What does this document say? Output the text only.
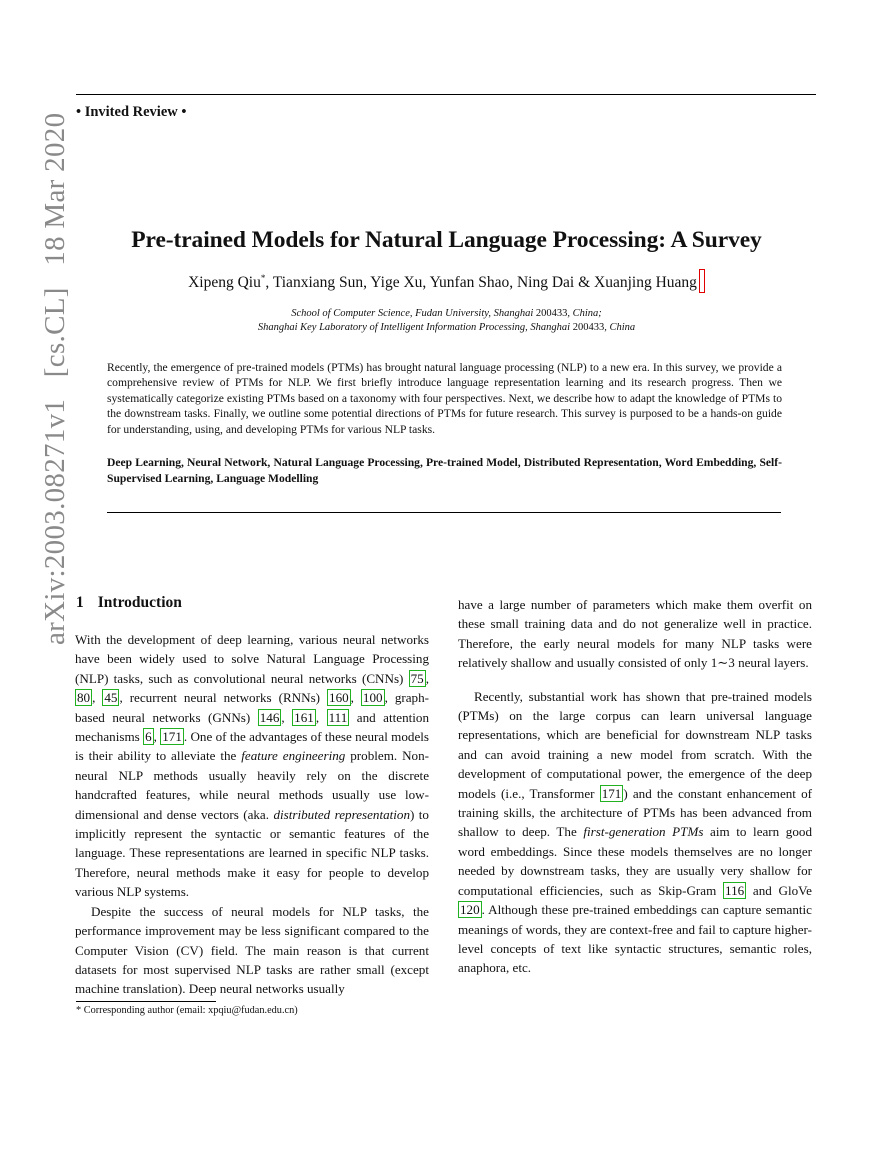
• Invited Review •
arXiv:2003.08271v1 [cs.CL] 18 Mar 2020	Pre-trained Models for Natural Language Processing: A Survey
Xipeng Qiu*, Tianxiang Sun, Yige Xu, Yunfan Shao, Ning Dai & Xuanjing Huang
School of Computer Science, Fudan University, Shanghai 200433, China;
Shanghai Key Laboratory of Intelligent Information Processing, Shanghai 200433, China
Recently, the emergence of pre-trained models (PTMs) has brought natural language processing (NLP) to a new era. In this survey, we provide a comprehensive review of PTMs for NLP. We first briefly introduce language representation learning and its research progress. Then we systematically categorize existing PTMs based on a taxonomy with four perspectives. Next, we describe how to adapt the knowledge of PTMs to the downstream tasks. Finally, we outline some potential directions of PTMs for future research. This survey is purposed to be a hands-on guide for understanding, using, and developing PTMs for various NLP tasks.
Deep Learning, Neural Network, Natural Language Processing, Pre-trained Model, Distributed Representation, Word Embedding, Self-Supervised Learning, Language Modelling
1 Introduction

With the development of deep learning, various neural networks have been widely used to solve Natural Language Processing (NLP) tasks, such as convolutional neural networks (CNNs) 75 , 80 , 45 , recurrent neural networks (RNNs) 160 , 100 , graph-based neural networks (GNNs) 146 , 161 , 111 and attention mechanisms 6 , 171 . One of the advantages of these neural models is their ability to alleviate the feature engineering problem. Non-neural NLP methods usually heavily rely on the discrete handcrafted features, while neural methods usually use low-dimensional and dense vectors (aka. distributed representation) to implicitly represent the syntactic or semantic features of the language. These representations are learned in specific NLP tasks. Therefore, neural methods make it easy for people to develop various NLP systems.

Despite the success of neural models for NLP tasks, the performance improvement may be less significant compared to the Computer Vision (CV) field. The main reason is that current datasets for most supervised NLP tasks are rather small (except machine translation). Deep neural networks usually

have a large number of parameters which make them overfit on these small training data and do not generalize well in practice. Therefore, the early neural models for many NLP tasks were relatively shallow and usually consisted of only 1∼3 neural layers.

Recently, substantial work has shown that pre-trained models (PTMs) on the large corpus can learn universal language representations, which are beneficial for downstream NLP tasks and can avoid training a new model from scratch. With the development of computational power, the emergence of the deep models (i.e., Transformer 171 ) and the constant enhancement of training skills, the architecture of PTMs has been advanced from shallow to deep. The first-generation PTMs aim to learn good word embeddings. Since these models themselves are no longer needed by downstream tasks, they are usually very shallow for computational efficiencies, such as Skip-Gram 116 and GloVe 120 . Although these pre-trained embeddings can capture semantic meanings of words, they are context-free and fail to capture higher-level concepts of text like syntactic structures, semantic roles, anaphora, etc.

* Corresponding author (email: xpqiu@fudan.edu.cn)
